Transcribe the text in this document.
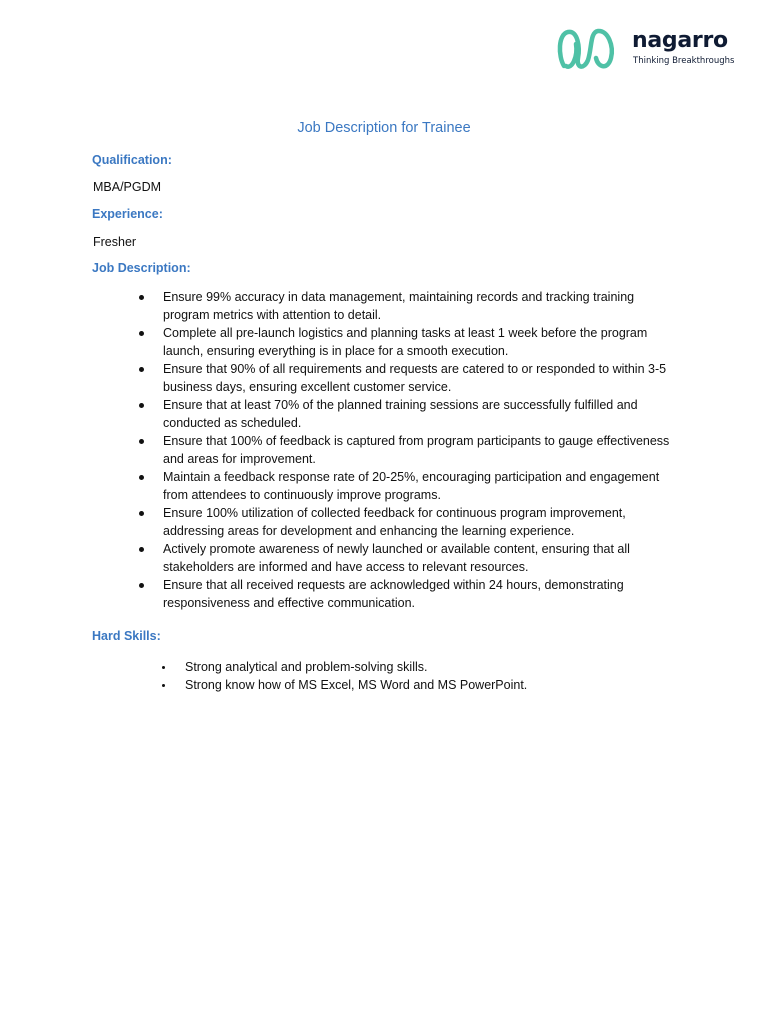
nagarro
Thinking Breakthroughs
Job Description for Trainee
Qualification:
MBA/PGDM
Experience:
Fresher
Job Description:
Ensure 99% accuracy in data management, maintaining records and tracking training program metrics with attention to detail.
Complete all pre-launch logistics and planning tasks at least 1 week before the program launch, ensuring everything is in place for a smooth execution.
Ensure that 90% of all requirements and requests are catered to or responded to within 3-5 business days, ensuring excellent customer service.
Ensure that at least 70% of the planned training sessions are successfully fulfilled and conducted as scheduled.
Ensure that 100% of feedback is captured from program participants to gauge effectiveness and areas for improvement.
Maintain a feedback response rate of 20-25%, encouraging participation and engagement from attendees to continuously improve programs.
Ensure 100% utilization of collected feedback for continuous program improvement, addressing areas for development and enhancing the learning experience.
Actively promote awareness of newly launched or available content, ensuring that all stakeholders are informed and have access to relevant resources.
Ensure that all received requests are acknowledged within 24 hours, demonstrating responsiveness and effective communication.
Hard Skills:
Strong analytical and problem-solving skills.
Strong know how of MS Excel, MS Word and MS PowerPoint.
